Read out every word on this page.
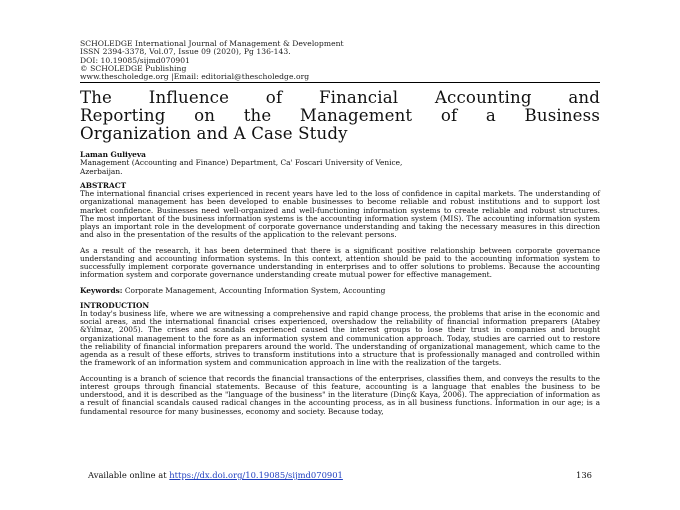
SCHOLEDGE International Journal of Management & Development
ISSN 2394-3378, Vol.07, Issue 09 (2020), Pg 136-143.
DOI: 10.19085/sijmd070901
© SCHOLEDGE Publishing
www.thescholedge.org |Email: editorial@thescholedge.org
The Influence of Financial Accounting and
Reporting on the Management of a Business
Organization and A Case Study
Laman Guliyeva
Management (Accounting and Finance) Department, Ca' Foscari University of Venice,
Azerbaijan.
ABSTRACT

The international financial crises experienced in recent years have led to the loss of confidence in capital markets. The understanding of organizational management has been developed to enable businesses to become reliable and robust institutions and to support lost market confidence. Businesses need well-organized and well-functioning information systems to create reliable and robust structures. The most important of the business information systems is the accounting information system (MIS). The accounting information system plays an important role in the development of corporate governance understanding and taking the necessary measures in this direction and also in the presentation of the results of the application to the relevant persons.

As a result of the research, it has been determined that there is a significant positive relationship between corporate governance understanding and accounting information systems. In this context, attention should be paid to the accounting information system to successfully implement corporate governance understanding in enterprises and to offer solutions to problems. Because the accounting information system and corporate governance understanding create mutual power for effective management.

Keywords: Corporate Management, Accounting Information System, Accounting
INTRODUCTION

In today's business life, where we are witnessing a comprehensive and rapid change process, the problems that arise in the economic and social areas, and the international financial crises experienced, overshadow the reliability of financial information preparers (Atabey &Yılmaz, 2005). The crises and scandals experienced caused the interest groups to lose their trust in companies and brought organizational management to the fore as an information system and communication approach. Today, studies are carried out to restore the reliability of financial information preparers around the world. The understanding of organizational management, which came to the agenda as a result of these efforts, strives to transform institutions into a structure that is professionally managed and controlled within the framework of an information system and communication approach in line with the realization of the targets.

Accounting is a branch of science that records the financial transactions of the enterprises, classifies them, and conveys the results to the interest groups through financial statements. Because of this feature, accounting is a language that enables the business to be understood, and it is described as the "language of the business" in the literature (Dinç& Kaya, 2006). The appreciation of information as a result of financial scandals caused radical changes in the accounting process, as in all business functions. Information in our age; is a fundamental resource for many businesses, economy and society. Because today,

Available online at https://dx.doi.org/10.19085/sijmd070901	136
